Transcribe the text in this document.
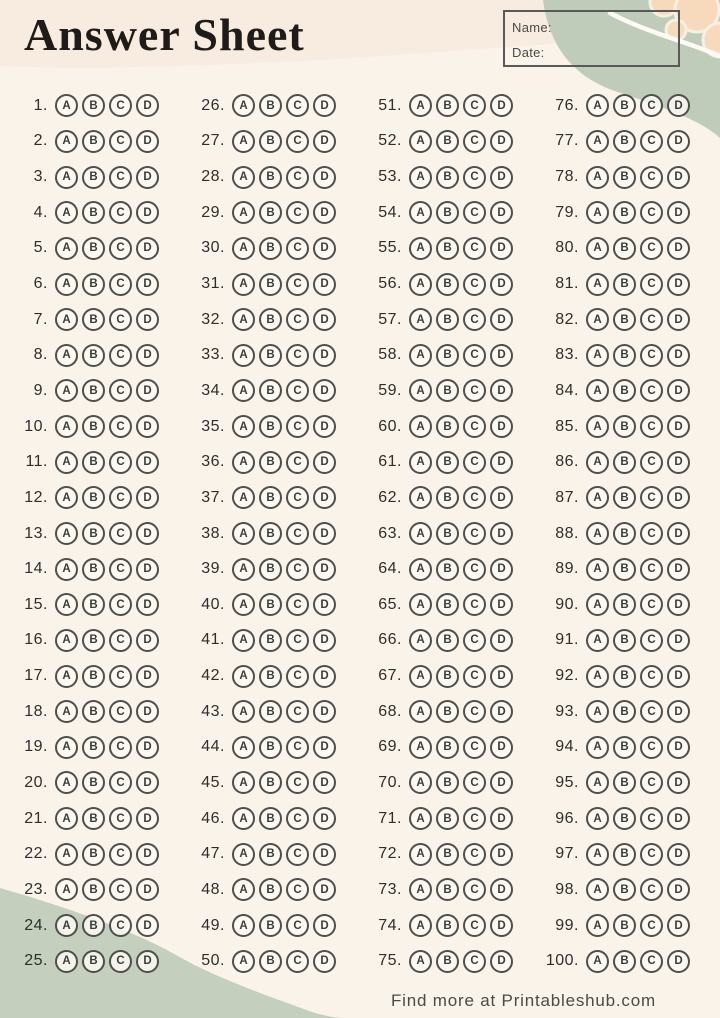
Answer Sheet	Name:
Date:
1.	A	B	C	D
2.	A	B	C	D
3.	A	B	C	D
4.	A	B	C	D
5.	A	B	C	D
6.	A	B	C	D
7.	A	B	C	D
8.	A	B	C	D
9.	A	B	C	D
10.	A	B	C	D
11.	A	B	C	D
12.	A	B	C	D
13.	A	B	C	D
14.	A	B	C	D
15.	A	B	C	D
16.	A	B	C	D
17.	A	B	C	D
18.	A	B	C	D
19.	A	B	C	D
20.	A	B	C	D
21.	A	B	C	D
22.	A	B	C	D
23.	A	B	C	D
24.	A	B	C	D
25.	A	B	C	D
26.	A	B	C	D
27.	A	B	C	D
28.	A	B	C	D
29.	A	B	C	D
30.	A	B	C	D
31.	A	B	C	D
32.	A	B	C	D
33.	A	B	C	D
34.	A	B	C	D
35.	A	B	C	D
36.	A	B	C	D
37.	A	B	C	D
38.	A	B	C	D
39.	A	B	C	D
40.	A	B	C	D
41.	A	B	C	D
42.	A	B	C	D
43.	A	B	C	D
44.	A	B	C	D
45.	A	B	C	D
46.	A	B	C	D
47.	A	B	C	D
48.	A	B	C	D
49.	A	B	C	D
50.	A	B	C	D
51.	A	B	C	D
52.	A	B	C	D
53.	A	B	C	D
54.	A	B	C	D
55.	A	B	C	D
56.	A	B	C	D
57.	A	B	C	D
58.	A	B	C	D
59.	A	B	C	D
60.	A	B	C	D
61.	A	B	C	D
62.	A	B	C	D
63.	A	B	C	D
64.	A	B	C	D
65.	A	B	C	D
66.	A	B	C	D
67.	A	B	C	D
68.	A	B	C	D
69.	A	B	C	D
70.	A	B	C	D
71.	A	B	C	D
72.	A	B	C	D
73.	A	B	C	D
74.	A	B	C	D
75.	A	B	C	D
76.	A	B	C	D
77.	A	B	C	D
78.	A	B	C	D
79.	A	B	C	D
80.	A	B	C	D
81.	A	B	C	D
82.	A	B	C	D
83.	A	B	C	D
84.	A	B	C	D
85.	A	B	C	D
86.	A	B	C	D
87.	A	B	C	D
88.	A	B	C	D
89.	A	B	C	D
90.	A	B	C	D
91.	A	B	C	D
92.	A	B	C	D
93.	A	B	C	D
94.	A	B	C	D
95.	A	B	C	D
96.	A	B	C	D
97.	A	B	C	D
98.	A	B	C	D
99.	A	B	C	D
100.	A	B	C	D
Find more at Printableshub.com
